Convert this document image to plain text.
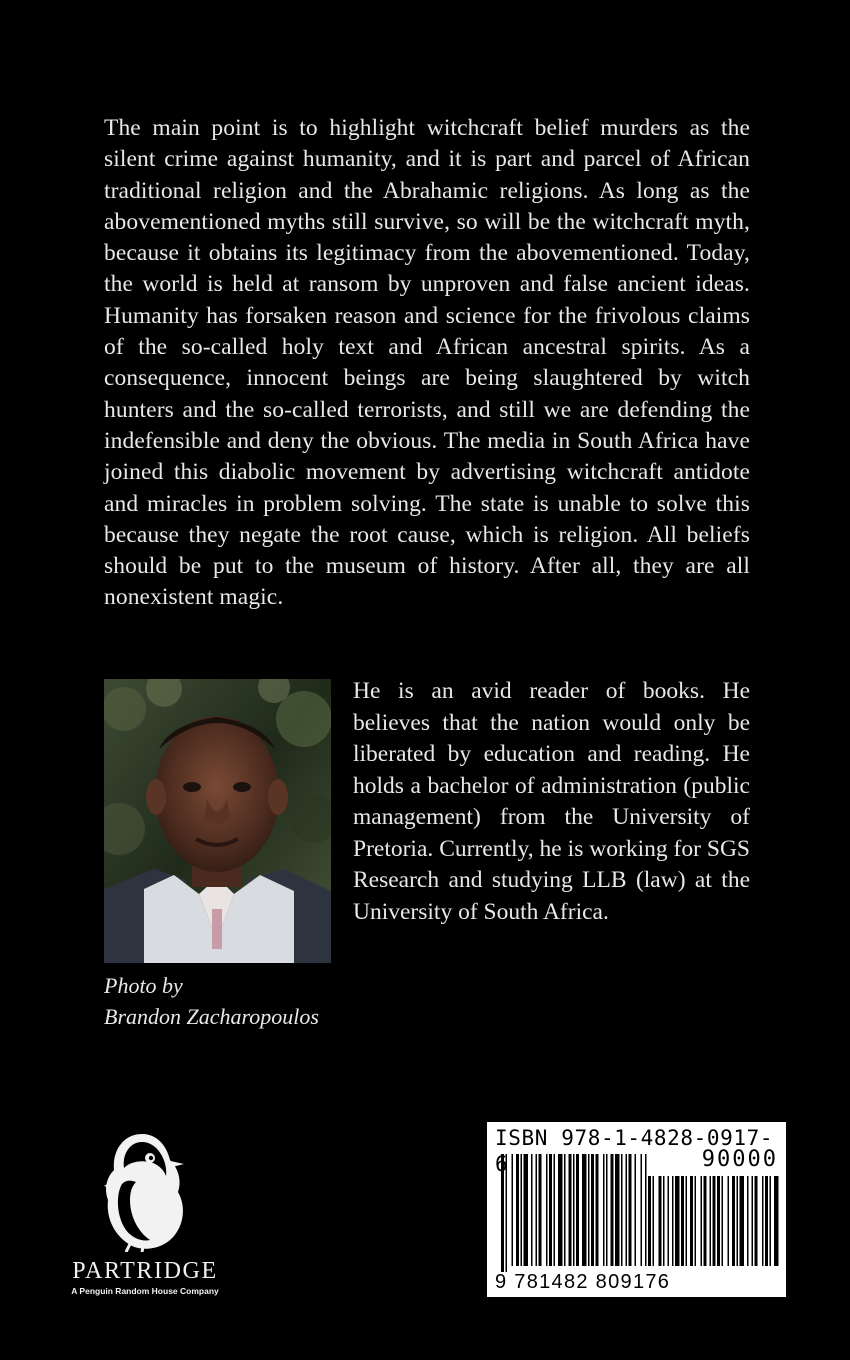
The main point is to highlight witchcraft belief murders as the silent crime against humanity, and it is part and parcel of African traditional religion and the Abrahamic religions. As long as the abovementioned myths still survive, so will be the witchcraft myth, because it obtains its legitimacy from the abovementioned. Today, the world is held at ransom by unproven and false ancient ideas. Humanity has forsaken reason and science for the frivolous claims of the so-called holy text and African ancestral spirits. As a consequence, innocent beings are being slaughtered by witch hunters and the so-called terrorists, and still we are defending the indefensible and deny the obvious. The media in South Africa have joined this diabolic movement by advertising witchcraft antidote and miracles in problem solving. The state is unable to solve this because they negate the root cause, which is religion. All beliefs should be put to the museum of history. After all, they are all nonexistent magic.
He is an avid reader of books. He believes that the nation would only be liberated by education and reading. He holds a bachelor of administration (public management) from the University of Pretoria. Currently, he is working for SGS Research and studying LLB (law) at the University of South Africa.
Photo by
Brandon Zacharopoulos
PARTRIDGE
A Penguin Random House Company
ISBN 978-1-4828-0917-6	90000
9 781482 809176
